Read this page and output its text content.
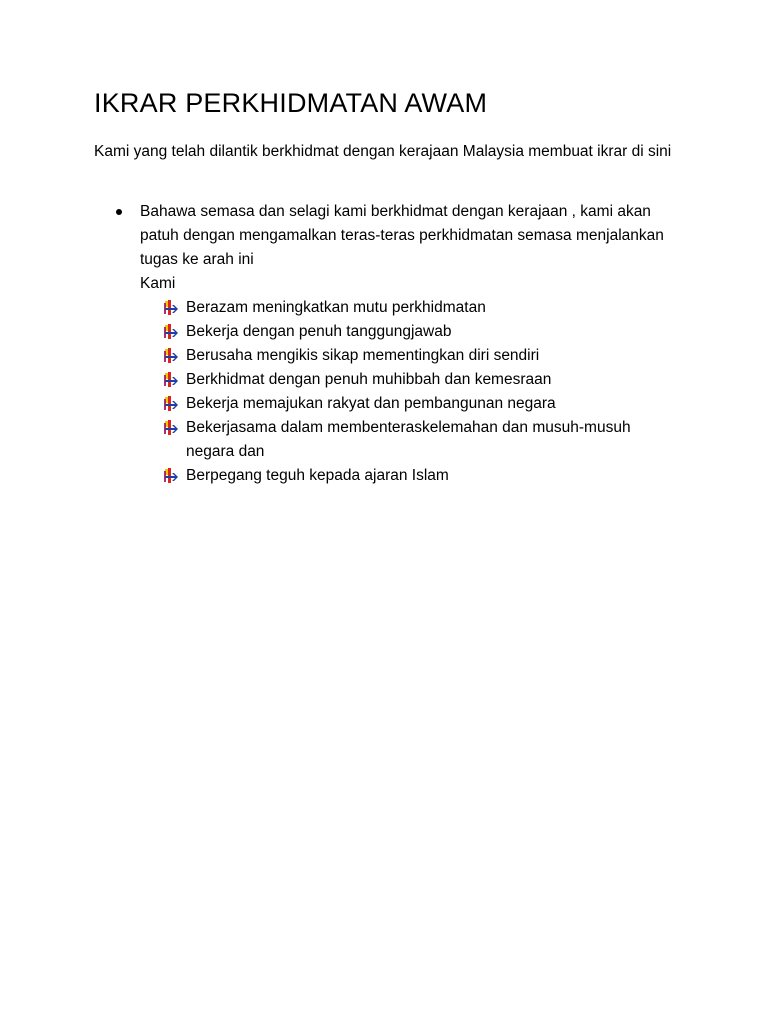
IKRAR PERKHIDMATAN AWAM
Kami yang telah dilantik berkhidmat dengan kerajaan Malaysia membuat ikrar di sini
Bahawa semasa dan selagi kami berkhidmat dengan kerajaan , kami akan patuh dengan mengamalkan teras-teras perkhidmatan semasa menjalankan tugas ke arah ini
Kami
Berazam meningkatkan mutu perkhidmatan
Bekerja dengan penuh tanggungjawab
Berusaha mengikis sikap mementingkan diri sendiri
Berkhidmat dengan penuh muhibbah dan kemesraan
Bekerja memajukan rakyat dan pembangunan negara
Bekerjasama dalam membenteraskelemahan dan musuh-musuh negara dan
Berpegang teguh kepada ajaran Islam
